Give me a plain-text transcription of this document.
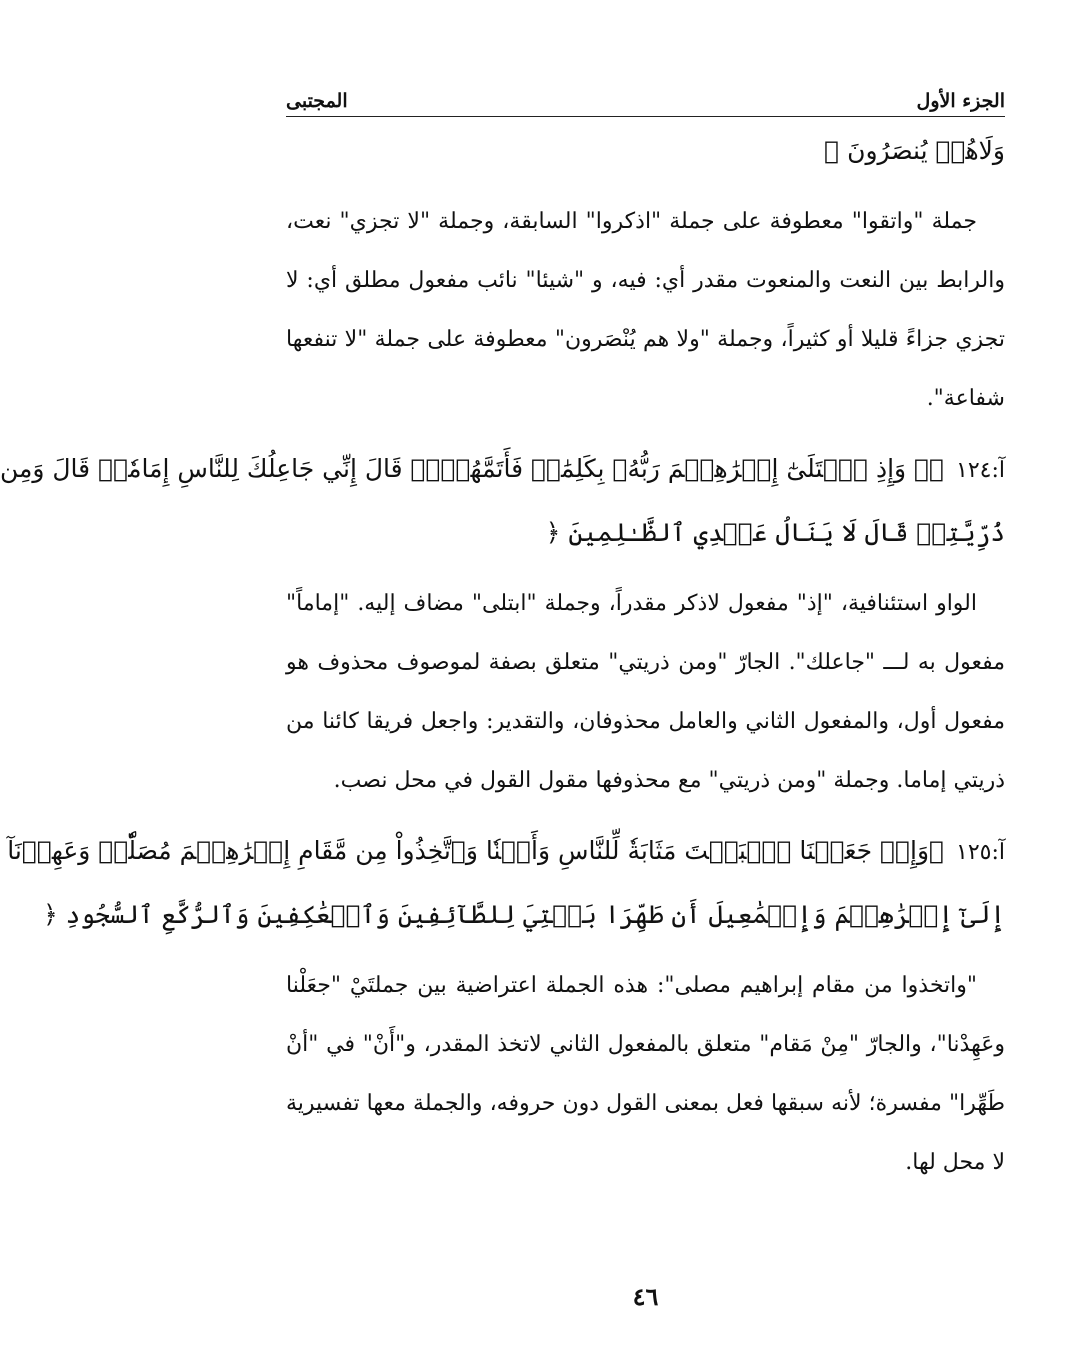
الجزء الأول
المجتبى
وَلَاهُمۡ يُنصَرُونَ ﴿

جملة "واتقوا" معطوفة على جملة "اذكروا" السابقة، وجملة "لا تجزي" نعت، والرابط بين النعت والمنعوت مقدر أي: فيه، و "شيئا" نائب مفعول مطلق أي: لا تجزي جزاءً قليلا أو كثيراً، وجملة "ولا هم يُنْصَرون" معطوفة على جملة "لا تنفعها شفاعة".

آ:١٢٤ ﴿۞ وَإِذِ ٱبۡتَلَىٰٓ إِبۡرَٰهِـۧمَ رَبُّهُۥ بِكَلِمَٰتٖ فَأَتَمَّهُنَّۖ قَالَ إِنِّي جَاعِلُكَ لِلنَّاسِ إِمَامٗاۖ قَالَ وَمِن
ذُرِّيَّتِيۖ قَالَ لَا يَنَالُ عَهۡدِي ٱلظَّـٰلِمِينَ ﴿

الواو استئنافية، "إذ" مفعول لاذكر مقدراً، وجملة "ابتلى" مضاف إليه. "إماماً" مفعول به لـــ "جاعلك". الجارّ "ومن ذريتي" متعلق بصفة لموصوف محذوف هو مفعول أول، والمفعول الثاني والعامل محذوفان، والتقدير: واجعل فريقا كائنا من ذريتي إماما. وجملة "ومن ذريتي" مع محذوفها مقول القول في محل نصب.

آ:١٢٥ ﴿وَإِذۡ جَعَلۡنَا ٱلۡبَيۡتَ مَثَابَةٗ لِّلنَّاسِ وَأَمۡنٗا وَٱتَّخِذُواْ مِن مَّقَامِ إِبۡرَٰهِـۧمَ مُصَلّٗىۖ وَعَهِدۡنَآ
إِلَىٰٓ إِبۡرَٰهِـۧمَ وَإِسۡمَٰعِيلَ أَن طَهِّرَا بَيۡتِيَ لِلطَّآئِفِينَ وَٱلۡعَٰكِفِينَ وَٱلرُّكَّعِ ٱلسُّجُودِ ﴿

"واتخذوا من مقام إبراهيم مصلى": هذه الجملة اعتراضية بين جملتَيْ "جعَلْنا وعَهِدْنا"، والجارّ "مِنْ مَقام" متعلق بالمفعول الثاني لاتخذ المقدر، و"أَنْ" في "أنْ طَهِّرا" مفسرة؛ لأنه سبقها فعل بمعنى القول دون حروفه، والجملة معها تفسيرية لا محل لها.

٤٦
